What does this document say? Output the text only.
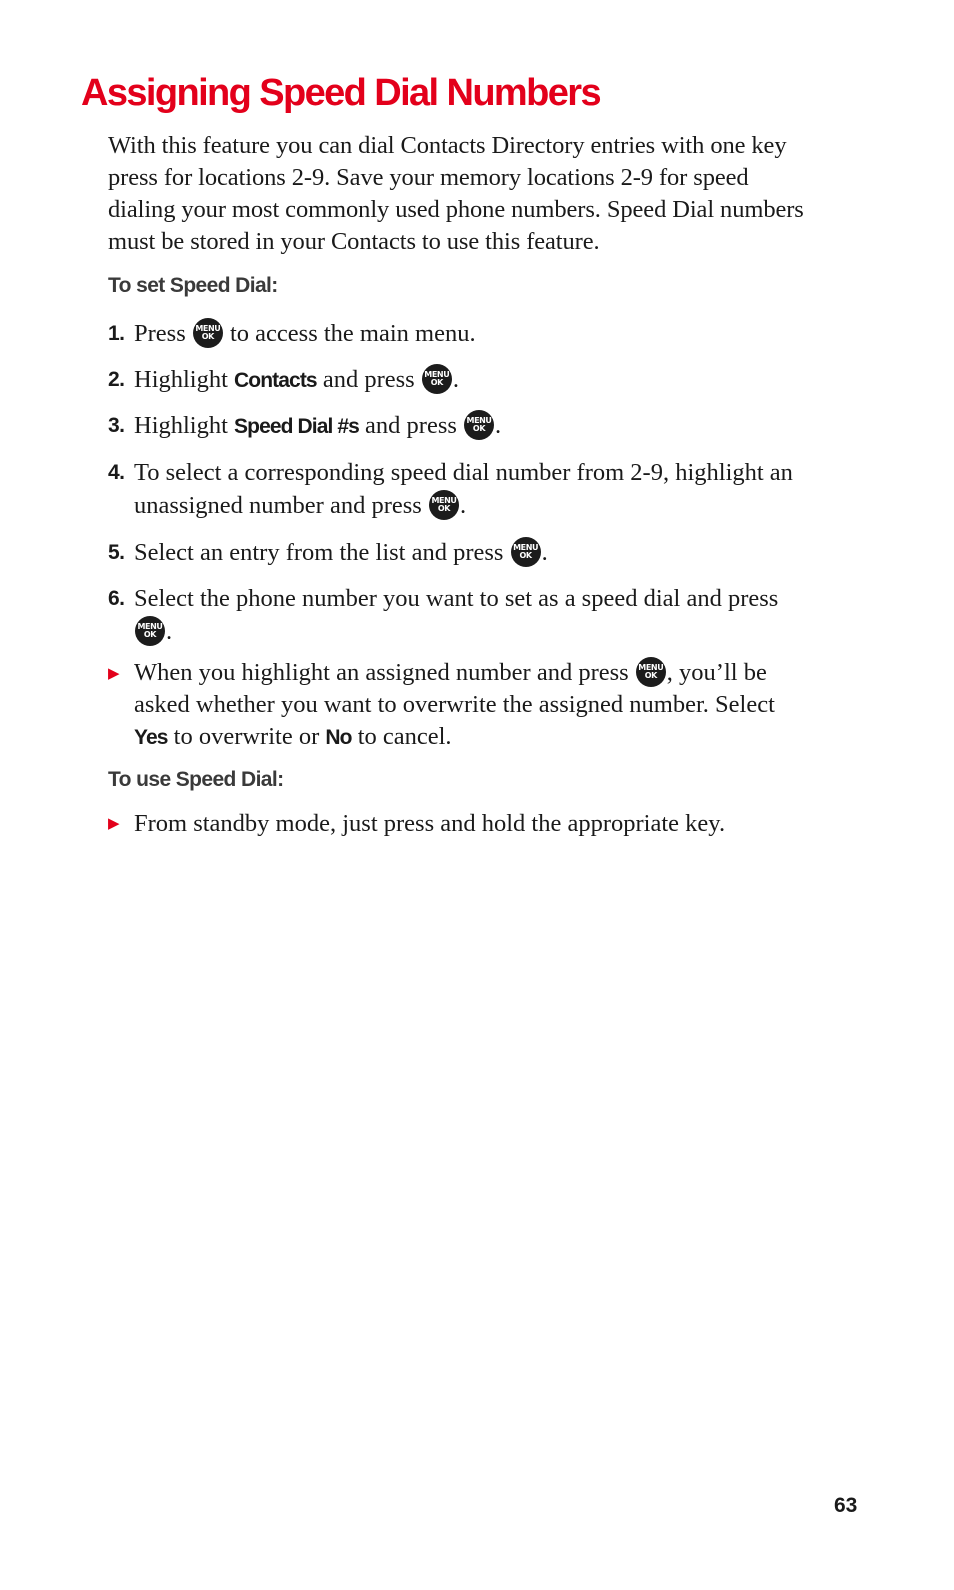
Assigning Speed Dial Numbers

With this feature you can dial Contacts Directory entries with one key press for locations 2-9. Save your memory locations 2-9 for speed dialing your most commonly used phone numbers. Speed Dial numbers must be stored in your Contacts to use this feature.

To set Speed Dial:
1. Press	MENU
OK to access the main menu.
2. Highlight Contacts and press	MENU
OK .
3. Highlight Speed Dial #s and press	MENU
OK .
4. To select a corresponding speed dial number from 2-9, highlight an unassigned number and press	MENU
OK .
5. Select an entry from the list and press	MENU
OK .
6. Select the phone number you want to set as a speed dial and press
MENU
OK .
▶ When you highlight an assigned number and press	MENU
OK , you’ll be asked whether you want to overwrite the assigned number. Select Yes to overwrite or No to cancel.
To use Speed Dial:
▶ From standby mode, just press and hold the appropriate key.

63
